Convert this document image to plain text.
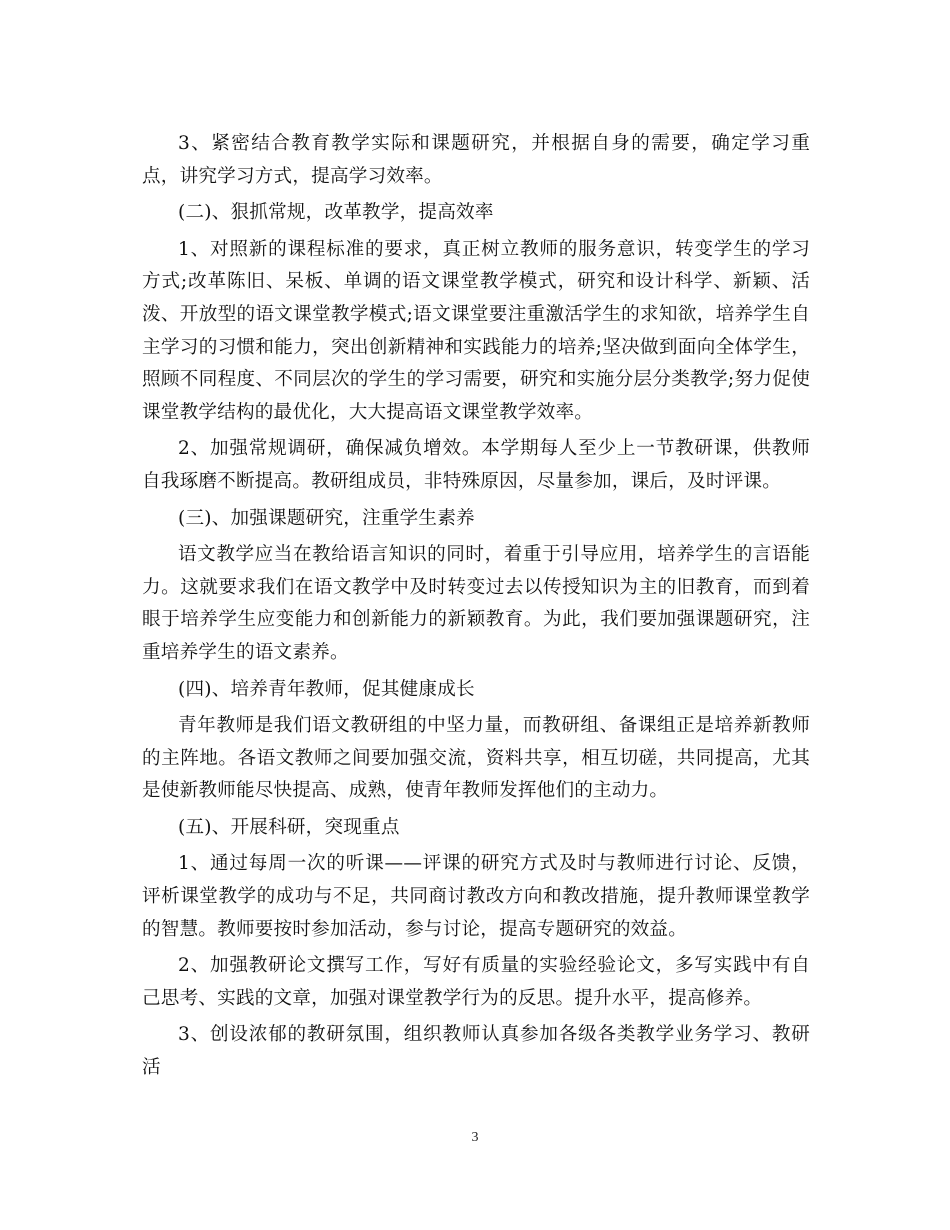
3、紧密结合教育教学实际和课题研究，并根据自身的需要，确定学习重点，讲究学习方式，提高学习效率。

(二)、狠抓常规，改革教学，提高效率

1、对照新的课程标准的要求，真正树立教师的服务意识，转变学生的学习方式;改革陈旧、呆板、单调的语文课堂教学模式，研究和设计科学、新颖、活泼、开放型的语文课堂教学模式;语文课堂要注重激活学生的求知欲，培养学生自主学习的习惯和能力，突出创新精神和实践能力的培养;坚决做到面向全体学生，照顾不同程度、不同层次的学生的学习需要，研究和实施分层分类教学;努力促使课堂教学结构的最优化，大大提高语文课堂教学效率。

2、加强常规调研，确保减负增效。本学期每人至少上一节教研课，供教师自我琢磨不断提高。教研组成员，非特殊原因，尽量参加，课后，及时评课。

(三)、加强课题研究，注重学生素养

语文教学应当在教给语言知识的同时，着重于引导应用，培养学生的言语能力。这就要求我们在语文教学中及时转变过去以传授知识为主的旧教育，而到着眼于培养学生应变能力和创新能力的新颖教育。为此，我们要加强课题研究，注重培养学生的语文素养。

(四)、培养青年教师，促其健康成长

青年教师是我们语文教研组的中坚力量，而教研组、备课组正是培养新教师的主阵地。各语文教师之间要加强交流，资料共享，相互切磋，共同提高，尤其是使新教师能尽快提高、成熟，使青年教师发挥他们的主动力。

(五)、开展科研，突现重点

1、通过每周一次的听课——评课的研究方式及时与教师进行讨论、反馈，评析课堂教学的成功与不足，共同商讨教改方向和教改措施，提升教师课堂教学的智慧。教师要按时参加活动，参与讨论，提高专题研究的效益。

2、加强教研论文撰写工作，写好有质量的实验经验论文，多写实践中有自己思考、实践的文章，加强对课堂教学行为的反思。提升水平，提高修养。

3、创设浓郁的教研氛围，组织教师认真参加各级各类教学业务学习、教研活

3
